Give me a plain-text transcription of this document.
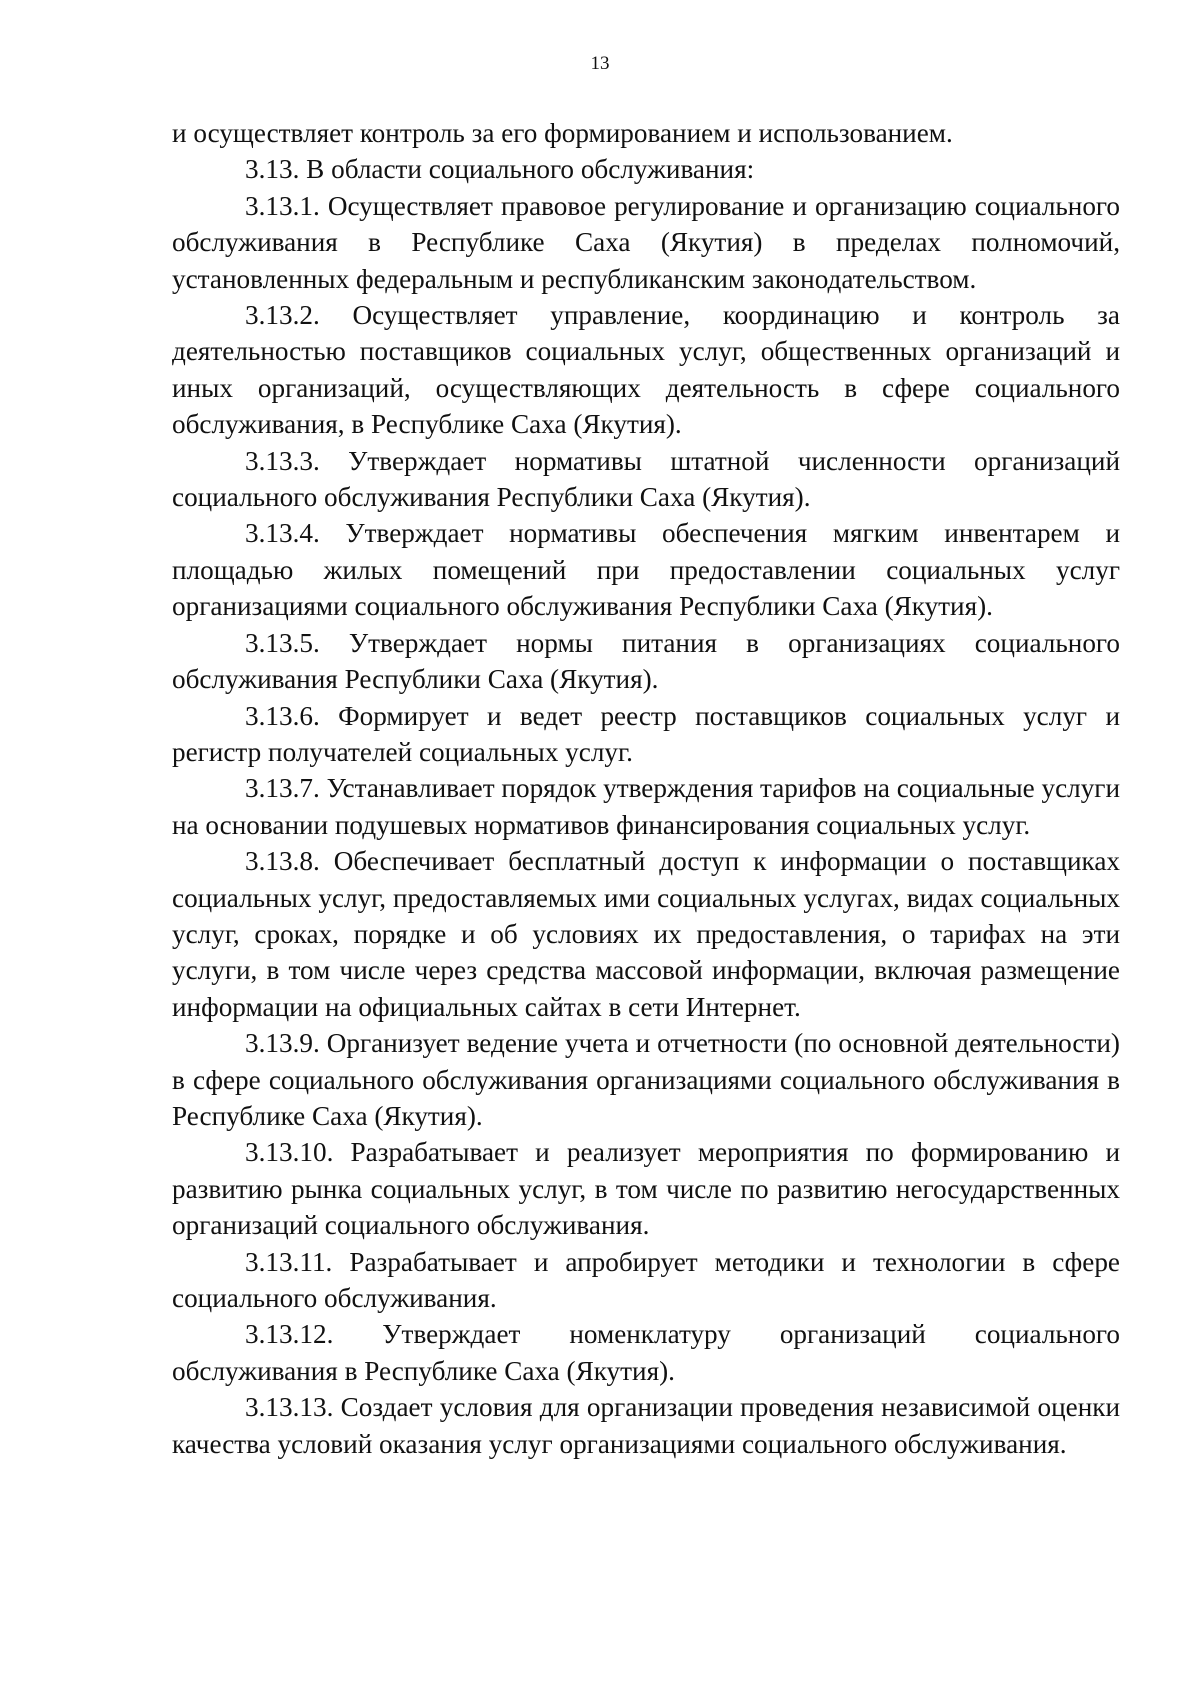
13

и осуществляет контроль за его формированием и использованием.

3.13. В области социального обслуживания:

3.13.1. Осуществляет правовое регулирование и организацию социального обслуживания в Республике Саха (Якутия) в пределах полномочий, установленных федеральным и республиканским законодательством.

3.13.2. Осуществляет управление, координацию и контроль за деятельностью поставщиков социальных услуг, общественных организаций и иных организаций, осуществляющих деятельность в сфере социального обслуживания, в Республике Саха (Якутия).

3.13.3. Утверждает нормативы штатной численности организаций социального обслуживания Республики Саха (Якутия).

3.13.4. Утверждает нормативы обеспечения мягким инвентарем и площадью жилых помещений при предоставлении социальных услуг организациями социального обслуживания Республики Саха (Якутия).

3.13.5. Утверждает нормы питания в организациях социального обслуживания Республики Саха (Якутия).

3.13.6. Формирует и ведет реестр поставщиков социальных услуг и регистр получателей социальных услуг.

3.13.7. Устанавливает порядок утверждения тарифов на социальные услуги на основании подушевых нормативов финансирования социальных услуг.

3.13.8. Обеспечивает бесплатный доступ к информации о поставщиках социальных услуг, предоставляемых ими социальных услугах, видах социальных услуг, сроках, порядке и об условиях их предоставления, о тарифах на эти услуги, в том числе через средства массовой информации, включая размещение информации на официальных сайтах в сети Интернет.

3.13.9. Организует ведение учета и отчетности (по основной деятельности) в сфере социального обслуживания организациями социального обслуживания в Республике Саха (Якутия).

3.13.10. Разрабатывает и реализует мероприятия по формированию и развитию рынка социальных услуг, в том числе по развитию негосударственных организаций социального обслуживания.

3.13.11. Разрабатывает и апробирует методики и технологии в сфере социального обслуживания.

3.13.12. Утверждает номенклатуру организаций социального обслуживания в Республике Саха (Якутия).

3.13.13. Создает условия для организации проведения независимой оценки качества условий оказания услуг организациями социального обслуживания.
